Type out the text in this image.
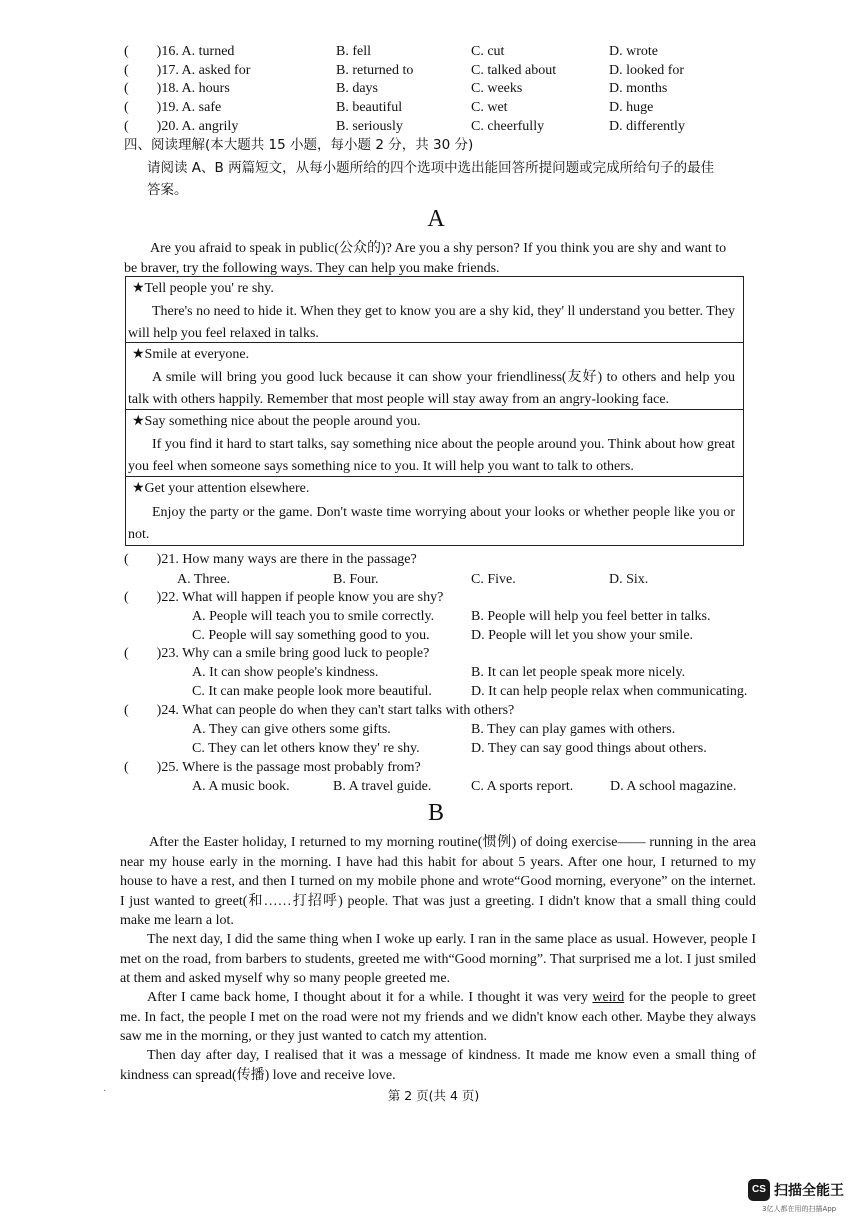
(　　)16. A. turned	B. fell	C. cut	D. wrote
(　　)17. A. asked for	B. returned to	C. talked about	D. looked for
(　　)18. A. hours	B. days	C. weeks	D. months
(　　)19. A. safe	B. beautiful	C. wet	D. huge
(　　)20. A. angrily	B. seriously	C. cheerfully	D. differently
四、阅读理解(本大题共 15 小题，每小题 2 分，共 30 分)
请阅读 A、B 两篇短文，从每小题所给的四个选项中选出能回答所提问题或完成所给句子的最佳
答案。
A
Are you afraid to speak in public(公众的)? Are you a shy person? If you think you are shy and want to
be braver, try the following ways. They can help you make friends.
★Tell people you' re shy.
There's no need to hide it. When they get to know you are a shy kid, they' ll understand you better. They will help you feel relaxed in talks.
★Smile at everyone.
A smile will bring you good luck because it can show your friendliness(友好) to others and help you talk with others happily. Remember that most people will stay away from an angry-looking face.
★Say something nice about the people around you.
If you find it hard to start talks, say something nice about the people around you. Think about how great you feel when someone says something nice to you. It will help you want to talk to others.
★Get your attention elsewhere.
Enjoy the party or the game. Don't waste time worrying about your looks or whether people like you or not.
(　　)21. How many ways are there in the passage?
A. Three.	B. Four.	C. Five.	D. Six.
(　　)22. What will happen if people know you are shy?
A. People will teach you to smile correctly.	B. People will help you feel better in talks.
C. People will say something good to you.	D. People will let you show your smile.
(　　)23. Why can a smile bring good luck to people?
A. It can show people's kindness.	B. It can let people speak more nicely.
C. It can make people look more beautiful.	D. It can help people relax when communicating.
(　　)24. What can people do when they can't start talks with others?
A. They can give others some gifts.	B. They can play games with others.
C. They can let others know they' re shy.	D. They can say good things about others.
(　　)25. Where is the passage most probably from?
A. A music book.	B. A travel guide.	C. A sports report.	D. A school magazine.
B
After the Easter holiday, I returned to my morning routine(惯例) of doing exercise—— running in the area near my house early in the morning. I have had this habit for about 5 years. After one hour, I returned to my house to have a rest, and then I turned on my mobile phone and wrote“Good morning, everyone” on the internet. I just wanted to greet(和……打招呼) people. That was just a greeting. I didn't know that a small thing could make me learn a lot.
The next day, I did the same thing when I woke up early. I ran in the same place as usual. However, people I met on the road, from barbers to students, greeted me with“Good morning”. That surprised me a lot. I just smiled at them and asked myself why so many people greeted me.
After I came back home, I thought about it for a while. I thought it was very weird for the people to greet me. In fact, the people I met on the road were not my friends and we didn't know each other. Maybe they always saw me in the morning, or they just wanted to catch my attention.
Then day after day, I realised that it was a message of kindness. It made me know even a small thing of kindness can spread(传播) love and receive love.
·	第 2 页(共 4 页)
CS 扫描全能王
3亿人都在用的扫描App
